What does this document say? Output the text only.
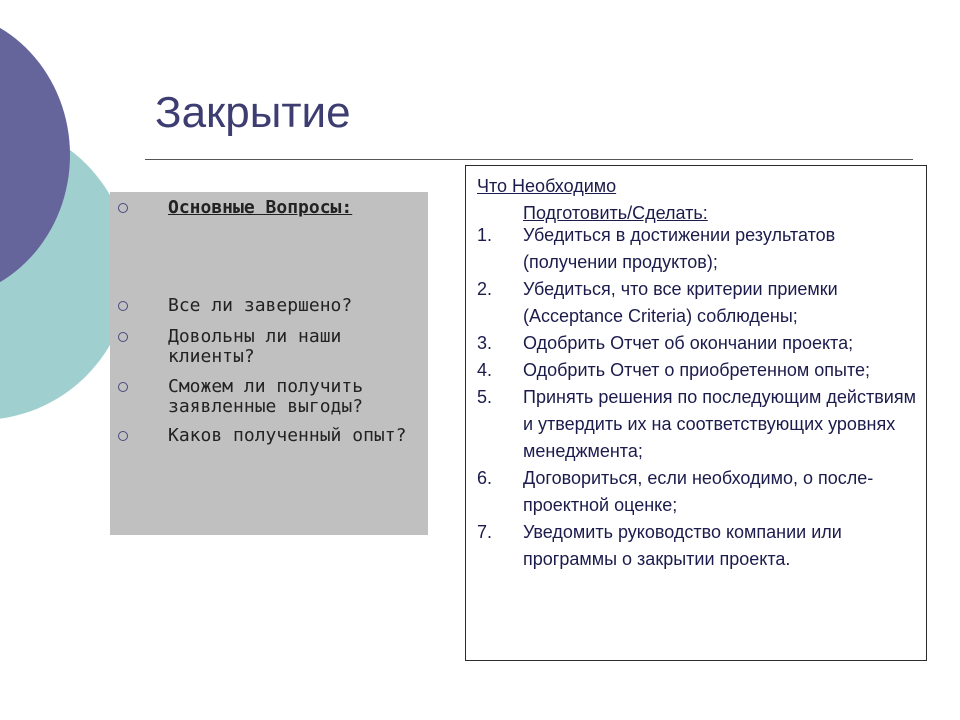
Закрытие
Основные Вопросы:
Все ли завершено?
Довольны ли наши клиенты?
Сможем ли получить заявленные выгоды?
Каков полученный опыт?
Что Необходимо
Подготовить/Сделать:
1. Убедиться в достижении результатов (получении продуктов);
2. Убедиться, что все критерии приемки (Acceptance Criteria) соблюдены;
3. Одобрить Отчет об окончании проекта;
4. Одобрить Отчет о приобретенном опыте;
5. Принять решения по последующим действиям и утвердить их на соответствующих уровнях менеджмента;
6. Договориться, если необходимо, о после-проектной оценке;
7. Уведомить руководство компании или программы о закрытии проекта.
